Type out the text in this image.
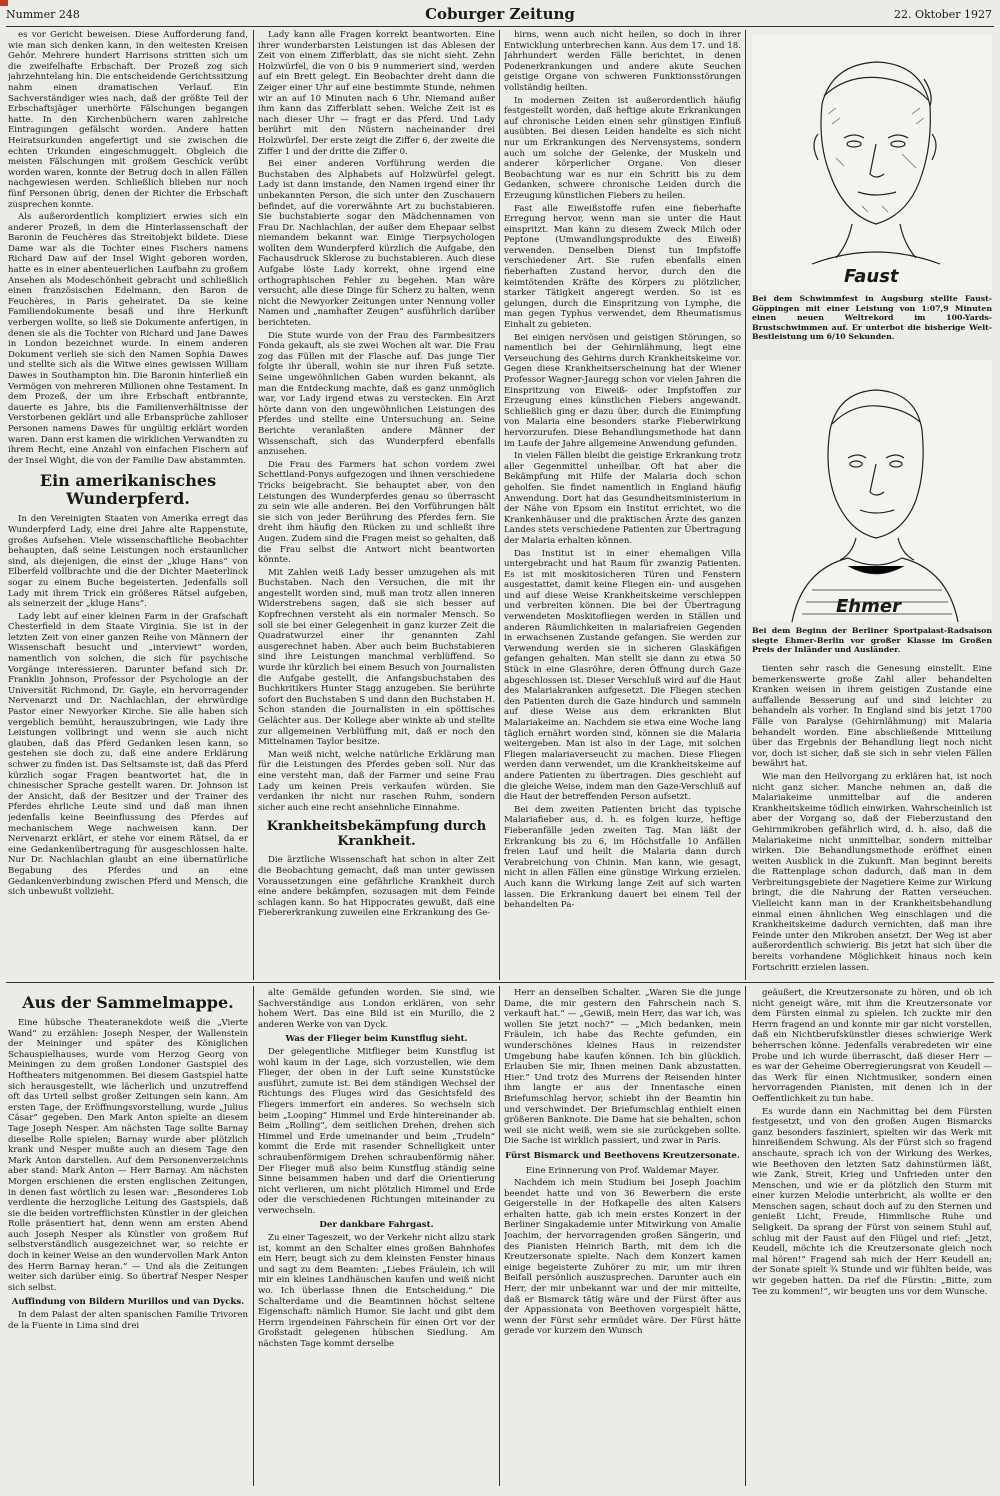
Nummer 248	Coburger Zeitung	22. Oktober 1927

es vor Gericht beweisen. Diese Aufforderung fand, wie man sich denken kann, in den weitesten Kreisen Gehör. Mehrere hundert Harrisons stritten sich um die zweifelhafte Erbschaft. Der Prozeß zog sich jahrzehntelang hin. Die entscheidende Gerichtssitzung nahm einen dramatischen Verlauf. Ein Sachverständiger wies nach, daß der größte Teil der Erbschaftsjäger unerhörte Fälschungen begangen hatte. In den Kirchenbüchern waren zahlreiche Eintragungen gefälscht worden. Andere hatten Heiratsurkunden angefertigt und sie zwischen die echten Urkunden eingeschmuggelt. Obgleich die meisten Fälschungen mit großem Geschick verübt worden waren, konnte der Betrug doch in allen Fällen nachgewiesen werden. Schließlich blieben nur noch fünf Personen übrig, denen der Richter die Erbschaft zusprechen konnte.

Als außerordentlich kompliziert erwies sich ein anderer Prozeß, in dem die Hinterlassenschaft der Baronin de Feuchères das Streitobjekt bildete. Diese Dame war als die Tochter eines Fischers namens Richard Daw auf der Insel Wight geboren worden, hatte es in einer abenteuerlichen Laufbahn zu großem Ansehen als Modeschönheit gebracht und schließlich einen französischen Edelmann, den Baron de Feuchères, in Paris geheiratet. Da sie keine Familiendokumente besaß und ihre Herkunft verbergen wollte, so ließ sie Dokumente anfertigen, in denen sie als die Tochter von Richard und Jane Dawes in London bezeichnet wurde. In einem anderen Dokument verlieh sie sich den Namen Sophia Dawes und stellte sich als die Witwe eines gewissen William Dawes in Southampton hin. Die Baronin hinterließ ein Vermögen von mehreren Millionen ohne Testament. In dem Prozeß, der um ihre Erbschaft entbrannte, dauerte es Jahre, bis die Familienverhältnisse der Verstorbenen geklärt und alle Erbansprüche zahlloser Personen namens Dawes für ungültig erklärt worden waren. Dann erst kamen die wirklichen Verwandten zu ihrem Recht, eine Anzahl von einfachen Fischern auf der Insel Wight, die von der Familie Daw abstammten.

Ein amerikanisches Wunderpferd.

In den Vereinigten Staaten von Amerika erregt das Wunderpferd Lady, eine drei Jahre alte Rappenstute, großes Aufsehen. Viele wissenschaftliche Beobachter behaupten, daß seine Leistungen noch erstaunlicher sind, als diejenigen, die einst der „kluge Hans“ von Elberfeld vollbrachte und die der Dichter Maeterlinck sogar zu einem Buche begeisterten. Jedenfalls soll Lady mit ihrem Trick ein größeres Rätsel aufgeben, als seinerzeit der „kluge Hans“.

Lady lebt auf einer kleinen Farm in der Grafschaft Chesterfield in dem Staate Virginia. Sie ist in der letzten Zeit von einer ganzen Reihe von Männern der Wissenschaft besucht und „interviewt“ worden, namentlich von solchen, die sich für psychische Vorgänge interessieren. Darunter befand sich Dr. Franklin Johnson, Professor der Psychologie an der Universität Richmond, Dr. Gayle, ein hervorragender Nervenarzt und Dr. Nachlachlan, der ehrwürdige Pastor einer Newyorker Kirche. Sie alle haben sich vergeblich bemüht, herauszubringen, wie Lady ihre Leistungen vollbringt und wenn sie auch nicht glauben, daß das Pferd Gedanken lesen kann, so gestehen sie doch zu, daß eine andere Erklärung schwer zu finden ist. Das Seltsamste ist, daß das Pferd kürzlich sogar Fragen beantwortet hat, die in chinesischer Sprache gestellt waren. Dr. Johnson ist der Ansicht, daß der Besitzer und der Trainer des Pferdes ehrliche Leute sind und daß man ihnen jedenfalls keine Beeinflussung des Pferdes auf mechanischem Wege nachweisen kann. Der Nervenarzt erklärt, er stehe vor einem Rätsel, da er eine Gedankenübertragung für ausgeschlossen halte. Nur Dr. Nachlachlan glaubt an eine übernatürliche Begabung des Pferdes und an eine Gedankenverbindung zwischen Pferd und Mensch, die sich unbewußt vollzieht.

Lady kann alle Fragen korrekt beantworten. Eine ihrer wunderbarsten Leistungen ist das Ablesen der Zeit von einem Zifferblatt, das sie nicht sieht. Zehn Holzwürfel, die von 0 bis 9 nummeriert sind, werden auf ein Brett gelegt. Ein Beobachter dreht dann die Zeiger einer Uhr auf eine bestimmte Stunde, nehmen wir an auf 10 Minuten nach 6 Uhr. Niemand außer ihm kann das Zifferblatt sehen. Welche Zeit ist es nach dieser Uhr — fragt er das Pferd. Und Lady berührt mit den Nüstern nacheinander drei Holzwürfel. Der erste zeigt die Ziffer 6, der zweite die Ziffer 1 und der dritte die Ziffer 0.

Bei einer anderen Vorführung werden die Buchstaben des Alphabets auf Holzwürfel gelegt. Lady ist dann imstande, den Namen irgend einer ihr unbekannten Person, die sich unter den Zuschauern befindet, auf die vorerwähnte Art zu buchstabieren. Sie buchstabierte sogar den Mädchennamen von Frau Dr. Nachlachlan, der außer dem Ehepaar selbst niemandem bekannt war. Einige Tierpsychologen wollten dem Wunderpferd kürzlich die Aufgabe, den Fachausdruck Sklerose zu buchstabieren. Auch diese Aufgabe löste Lady korrekt, ohne irgend eine orthographischen Fehler zu begehen. Man wäre versucht, alle diese Dinge für Scherz zu halten, wenn nicht die Newyorker Zeitungen unter Nennung voller Namen und „namhafter Zeugen“ ausführlich darüber berichteten.

Die Stute wurde von der Frau des Farmbesitzers Fonda gekauft, als sie zwei Wochen alt war. Die Frau zog das Füllen mit der Flasche auf. Das junge Tier folgte ihr überall, wohin sie nur ihren Fuß setzte. Seine ungewöhnlichen Gaben wurden bekannt, als man die Entdeckung machte, daß es ganz unmöglich war, vor Lady irgend etwas zu verstecken. Ein Arzt hörte dann von den ungewöhnlichen Leistungen des Pferdes und stellte eine Untersuchung an. Seine Berichte veranlaßten andere Männer der Wissenschaft, sich das Wunderpferd ebenfalls anzusehen.

Die Frau des Farmers hat schon vordem zwei Schettland-Ponys aufgezogen und ihnen verschiedene Tricks beigebracht. Sie behauptet aber, von den Leistungen des Wunderpferdes genau so überrascht zu sein wie alle anderen. Bei den Vorführungen hält sie sich von jeder Berührung des Pferdes fern. Sie dreht ihm häufig den Rücken zu und schließt ihre Augen. Zudem sind die Fragen meist so gehalten, daß die Frau selbst die Antwort nicht beantworten könnte.

Mit Zahlen weiß Lady besser umzugehen als mit Buchstaben. Nach den Versuchen, die mit ihr angestellt worden sind, muß man trotz allen inneren Widerstrebens sagen, daß sie sich besser auf Kopfrechnen versteht als ein normaler Mensch. So soll sie bei einer Gelegenheit in ganz kurzer Zeit die Quadratwurzel einer ihr genannten Zahl ausgerechnet haben. Aber auch beim Buchstabieren sind ihre Leistungen manchmal verblüffend. So wurde ihr kürzlich bei einem Besuch von Journalisten die Aufgabe gestellt, die Anfangsbuchstaben des Buchkritikers Hunter Stagg anzugeben. Sie berührte sofort den Buchstaben S und dann den Buchstaben H. Schon standen die Journalisten in ein spöttisches Gelächter aus. Der Kollege aber winkte ab und stellte zur allgemeinen Verblüffung mit, daß er noch den Mittelnamen Taylor besitze.

Man weiß nicht, welche natürliche Erklärung man für die Leistungen des Pferdes geben soll. Nur das eine versteht man, daß der Farmer und seine Frau Lady um keinen Preis verkaufen würden. Sie verdanken ihr nicht nur raschen Ruhm, sondern sicher auch eine recht ansehnliche Einnahme.

Krankheitsbekämpfung durch Krankheit.

Die ärztliche Wissenschaft hat schon in alter Zeit die Beobachtung gemacht, daß man unter gewissen Voraussetzungen eine gefährliche Krankheit durch eine andere bekämpfen, sozusagen mit dem Feinde schlagen kann. So hat Hippocrates gewußt, daß eine Fiebererkrankung zuweilen eine Erkrankung des Ge-

hirns, wenn auch nicht heilen, so doch in ihrer Entwicklung unterbrechen kann. Aus dem 17. und 18. Jahrhundert werden Fälle berichtet, in denen Podenerkrankungen und andere akute Seuchen geistige Organe von schweren Funktionsstörungen vollständig heilten.

In modernen Zeiten ist außerordentlich häufig festgestellt worden, daß heftige akute Erkrankungen auf chronische Leiden einen sehr günstigen Einfluß ausübten. Bei diesen Leiden handelte es sich nicht nur um Erkrankungen des Nervensystems, sondern auch um solche der Gelenke, der Muskeln und anderer körperlicher Organe. Von dieser Beobachtung war es nur ein Schritt bis zu dem Gedanken, schwere chronische Leiden durch die Erzeugung künstlichen Fiebers zu heilen.

Fast alle Eiweißstoffe rufen eine fieberhafte Erregung hervor, wenn man sie unter die Haut einspritzt. Man kann zu diesem Zweck Milch oder Peptone (Umwandlungsprodukte des Eiweiß) verwenden. Denselben Dienst tun Impfstoffe verschiedener Art. Sie rufen ebenfalls einen fieberhaften Zustand hervor, durch den die keimtötenden Kräfte des Körpers zu plötzlicher, starker Tätigkeit angeregt werden. So ist es gelungen, durch die Einspritzung von Lymphe, die man gegen Typhus verwendet, dem Rheumatismus Einhalt zu gebieten.

Bei einigen nervösen und geistigen Störungen, so namentlich bei der Gehirnlähmung, liegt eine Verseuchung des Gehirns durch Krankheitskeime vor. Gegen diese Krankheitserscheinung hat der Wiener Professor Wagner-Jauregg schon vor vielen Jahren die Einspritzung von Eiweiß- oder Impfstoffen zur Erzeugung eines künstlichen Fiebers angewandt. Schließlich ging er dazu über, durch die Einimpfung von Malaria eine besonders starke Fieberwirkung hervorzurufen. Diese Behandlungsmethode hat dann im Laufe der Jahre allgemeine Anwendung gefunden.

In vielen Fällen bleibt die geistige Erkrankung trotz aller Gegenmittel unheilbar. Oft hat aber die Bekämpfung mit Hilfe der Malaria doch schon geholfen. Sie findet namentlich in England häufig Anwendung. Dort hat das Gesundheitsministerium in der Nähe von Epsom ein Institut errichtet, wo die Krankenhäuser und die praktischen Ärzte des ganzen Landes stets verschiedene Patienten zur Übertragung der Malaria erhalten können.

Das Institut ist in einer ehemaligen Villa untergebracht und hat Raum für zwanzig Patienten. Es ist mit moskitosicheren Türen und Fenstern ausgestattet, damit keine Fliegen ein- und ausgehen und auf diese Weise Krankheitskeime verschleppen und verbreiten können. Die bei der Übertragung verwendeten Moskitofliegen werden in Ställen und anderen Räumlichkeiten in malariafreien Gegenden in erwachsenen Zustande gefangen. Sie werden zur Verwendung werden sie in sicheren Glaskäfigen gefangen gehalten. Man stellt sie dann zu etwa 50 Stück in eine Glasröhre, deren Öffnung durch Gaze abgeschlossen ist. Dieser Verschluß wird auf die Haut des Malariakranken aufgesetzt. Die Fliegen stechen den Patienten durch die Gaze hindurch und sammeln auf diese Weise aus dem erkrankten Blut Malariakeime an. Nachdem sie etwa eine Woche lang täglich ernährt worden sind, können sie die Malaria weitergeben. Man ist also in der Lage, mit solchen Fliegen malariaverseucht zu machen. Diese Fliegen werden dann verwendet, um die Krankheitskeime auf andere Patienten zu übertragen. Dies geschieht auf die gleiche Weise, indem man den Gaze-Verschluß auf die Haut der betreffenden Person aufsetzt.

Bei dem zweiten Patienten bricht das typische Malariafieber aus, d. h. es folgen kurze, heftige Fieberanfälle jeden zweiten Tag. Man läßt der Erkrankung bis zu 6, im Höchstfalle 10 Anfällen freien Lauf und heilt die Malaria dann durch Verabreichung von Chinin. Man kann, wie gesagt, nicht in allen Fällen eine günstige Wirkung erzielen. Auch kann die Wirkung lange Zeit auf sich warten lassen. Die Erkrankung dauert bei einem Teil der behandelten Pa-

Faust
Bei dem Schwimmfest in Augsburg stellte Faust-Göppingen mit einer Leistung von 1:07,9 Minuten einen neuen Weltrekord im 100-Yards-Brustschwimmen auf. Er unterbot die bisherige Welt-Bestleistung um 6/10 Sekunden.
Ehmer
Bei dem Beginn der Berliner Sportpalast-Radsaison siegte Ehmer-Berlin vor großer Klasse im Großen Preis der Inländer und Ausländer.

tienten sehr rasch die Genesung einstellt. Eine bemerkenswerte große Zahl aller behandelten Kranken weisen in ihrem geistigen Zustande eine auffallende Besserung auf und sind leichter zu behandeln als vorher. In England sind bis jetzt 1700 Fälle von Paralyse (Gehirnlähmung) mit Malaria behandelt worden. Eine abschließende Mitteilung über das Ergebnis der Behandlung liegt noch nicht vor, doch ist sicher, daß sie sich in sehr vielen Fällen bewährt hat.

Wie man den Heilvorgang zu erklären hat, ist noch nicht ganz sicher. Manche nehmen an, daß die Malariakeime unmittelbar auf die anderen Krankheitskeime tödlich einwirken. Wahrscheinlich ist aber der Vorgang so, daß der Fieberzustand den Gehirnmikroben gefährlich wird, d. h. also, daß die Malariakeime nicht unmittelbar, sondern mittelbar wirken. Die Behandlungsmethode eröffnet einen weiten Ausblick in die Zukunft. Man beginnt bereits die Rattenplage schon dadurch, daß man in dem Verbreitungsgebiete der Nagetiere Keime zur Wirkung bringt, die die Nahrung der Ratten verseuchen. Vielleicht kann man in der Krankheitsbehandlung einmal einen ähnlichen Weg einschlagen und die Krankheitskeime dadurch vernichten, daß man ihre Feinde unter den Mikroben ansetzt. Der Weg ist aber außerordentlich schwierig. Bis jetzt hat sich über die bereits vorhandene Möglichkeit hinaus noch kein Fortschritt erzielen lassen.

Aus der Sammelmappe.

Eine hübsche Theateranekdote weiß die „Vierte Wand“ zu erzählen: Joseph Nesper, der Wallenstein der Meininger und später des Königlichen Schauspielhauses, wurde vom Herzog Georg von Meiningen zu dem großen Londoner Gastspiel des Hoftheaters mitgenommen. Bei diesem Gastspiel hatte sich herausgestellt, wie lächerlich und unzutreffend oft das Urteil selbst großer Zeitungen sein kann. Am ersten Tage, der Eröffnungsvorstellung, wurde „Julius Cäsar“ gegeben. Den Mark Anton spielte an diesem Tage Joseph Nesper. Am nächsten Tage sollte Barnay dieselbe Rolle spielen; Barnay wurde aber plötzlich krank und Nesper mußte auch an diesem Tage den Mark Anton darstellen. Auf dem Personenverzeichnis aber stand: Mark Anton — Herr Barnay. Am nächsten Morgen erschienen die ersten englischen Zeitungen, in denen fast wörtlich zu lesen war: „Besonderes Lob verdiente die herzogliche Leitung des Gastspiels, daß sie die beiden vortrefflichsten Künstler in der gleichen Rolle präsentiert hat, denn wenn am ersten Abend auch Joseph Nesper als Künstler von großem Ruf selbstverständlich ausgezeichnet war, so reichte er doch in keiner Weise an den wundervollen Mark Anton des Herrn Barnay heran.“ — Und als die Zeitungen weiter sich darüber einig. So übertraf Nesper Nesper sich selbst.

Auffindung von Bildern Murillos und van Dycks.

In dem Palast der alten spanischen Familie Trivoren de la Fuente in Lima sind drei

alte Gemälde gefunden worden. Sie sind, wie Sachverständige aus London erklären, von sehr hohem Wert. Das eine Bild ist ein Murillo, die 2 anderen Werke von van Dyck.

Was der Flieger beim Kunstflug sieht.

Der gelegentliche Mitflieger beim Kunstflug ist wohl kaum in der Lage, sich vorzustellen, wie dem Flieger, der oben in der Luft seine Kunststücke ausführt, zumute ist. Bei dem ständigen Wechsel der Richtungs des Fluges wird das Gesichtsfeld des Fliegers immerfort ein anderes. So wechseln sich beim „Looping“ Himmel und Erde hintereinander ab. Beim „Rolling“, dem seitlichen Drehen, drehen sich Himmel und Erde umeinander und beim „Trudeln“ kommt die Erde mit rasender Schnelligkeit unter schraubenförmigem Drehen schraubenförmig näher. Der Flieger muß also beim Kunstflug ständig seine Sinne beisammen haben und darf die Orientierung nicht verlieren, um nicht plötzlich Himmel und Erde oder die verschiedenen Richtungen miteinander zu verwechseln.

Der dankbare Fahrgast.

Zu einer Tageszeit, wo der Verkehr nicht allzu stark ist, kommt an den Schalter eines großen Bahnhofes ein Herr, beugt sich zu dem kleinsten Fenster hinaus und sagt zu dem Beamten: „Liebes Fräulein, ich will mir ein kleines Landhäuschen kaufen und weiß nicht wo. Ich überlasse Ihnen die Entscheidung.“ Die Schalterdame und die Beamtinnen höchst seltene Eigenschaft: nämlich Humor. Sie lacht und gibt dem Herrn irgendeinen Fahrschein für einen Ort vor der Großstadt gelegenen hübschen Siedlung. Am nächsten Tage kommt derselbe

Herr an denselben Schalter. „Waren Sie die junge Dame, die mir gestern den Fahrschein nach S. verkauft hat.“ — „Gewiß, mein Herr, das war ich, was wollen Sie jetzt noch?“ — „Mich bedanken, mein Fräulein, ich habe das Rechte gefunden, ein wunderschönes kleines Haus in reizendster Umgebung habe kaufen können. Ich bin glücklich. Erlauben Sie mir, Ihnen meinen Dank abzustatten. Hier.“ Und trotz des Murrens der Reisenden hinter ihm langte er aus der Innentasche einen Briefumschlag hervor, schiebt ihn der Beamtin hin und verschwindet. Der Briefumschlag enthielt einen größeren Banknote. Die Dame hat sie behalten, schon weil sie nicht weiß, wem sie sie zurückgeben sollte. Die Sache ist wirklich passiert, und zwar in Paris.

Fürst Bismarck und Beethovens Kreutzersonate.
Eine Erinnerung von Prof. Waldemar Mayer.

Nachdem ich mein Studium bei Joseph Joachim beendet hatte und von 36 Bewerbern die erste Geigerstelle in der Hofkapelle des alten Kaisers erhalten hatte, gab ich mein erstes Konzert in der Berliner Singakademie unter Mitwirkung von Amalie Joachim, der hervorragenden großen Sängerin, und des Pianisten Heinrich Barth, mit dem ich die Kreutzersonate spielte. Nach dem Konzert kamen einige begeisterte Zuhörer zu mir, um mir ihren Beifall persönlich auszusprechen. Darunter auch ein Herr, der mir unbekannt war und der mir mitteilte, daß er Bismarck tätig wäre und der Fürst öfter aus der Appassionata von Beethoven vorgespielt hätte, wenn der Fürst sehr ermüdet wäre. Der Fürst hätte gerade vor kurzem den Wunsch

geäußert, die Kreutzersonate zu hören, und ob ich nicht geneigt wäre, mit ihm die Kreutzersonate vor dem Fürsten einmal zu spielen. Ich zuckte mir den Herrn fragend an und konnte mir gar nicht vorstellen, daß ein Nichtberufskünstler dieses schwierige Werk beherrschen könne. Jedenfalls verabredeten wir eine Probe und ich wurde überrascht, daß dieser Herr — es war der Geheime Oberregierungsrat von Keudell — das Werk für einen Nichtmusiker, sondern einen hervorragenden Pianisten, mit denen ich in der Oeffentlichkeit zu tun habe.

Es wurde dann ein Nachmittag bei dem Fürsten festgesetzt, und von den großen Augen Bismarcks ganz besonders fasziniert, spielten wir das Werk mit hinreißendem Schwung. Als der Fürst sich so fragend anschaute, sprach ich von der Wirkung des Werkes, wie Beethoven den letzten Satz dahinstürmen läßt, wie Zank, Streit, Krieg und Unfrieden unter den Menschen, und wie er da plötzlich den Sturm mit einer kurzen Melodie unterbricht, als wollte er den Menschen sagen, schaut doch auf zu den Sternen und genießt Licht, Freude, Himmlische Ruhe und Seligkeit. Da sprang der Fürst von seinem Stuhl auf, schlug mit der Faust auf den Flügel und rief: „Jetzt, Keudell, möchte ich die Kreutzersonate gleich noch mal hören!“ Fragend sah mich der Herr Keudell an; der Sonate spielt ¾ Stunde und wir fühlten beide, was wir gegeben hatten. Da rief die Fürstin: „Bitte, zum Tee zu kommen!“, wir beugten uns vor dem Wunsche.
